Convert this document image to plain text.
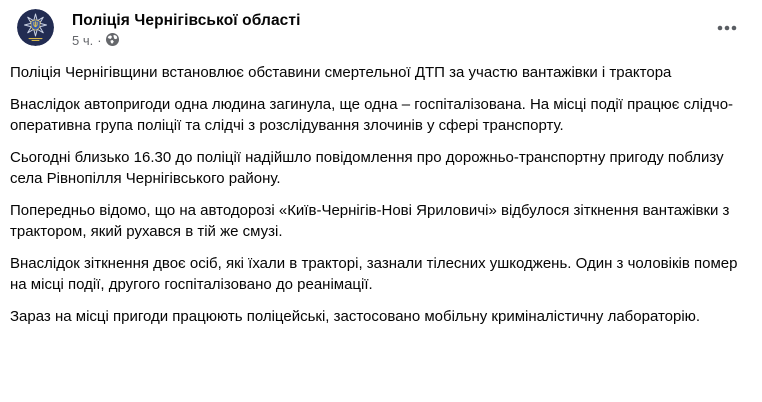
Поліція Чернігівської області
5 ч. ·

Поліція Чернігівщини встановлює обставини смертельної ДТП за участю вантажівки і трактора

Внаслідок автопригоди одна людина загинула, ще одна – госпіталізована. На місці події працює слідчо-оперативна група поліції та слідчі з розслідування злочинів у сфері транспорту.

Сьогодні близько 16.30 до поліції надійшло повідомлення про дорожньо-транспортну пригоду поблизу села Рівнопілля Чернігівського району.

Попередньо відомо, що на автодорозі «Київ-Чернігів-Нові Яриловичі» відбулося зіткнення вантажівки з трактором, який рухався в тій же смузі.

Внаслідок зіткнення двоє осіб, які їхали в тракторі, зазнали тілесних ушкоджень. Один з чоловіків помер на місці події, другого госпіталізовано до реанімації.

Зараз на місці пригоди працюють поліцейські, застосовано мобільну криміналістичну лабораторію.
